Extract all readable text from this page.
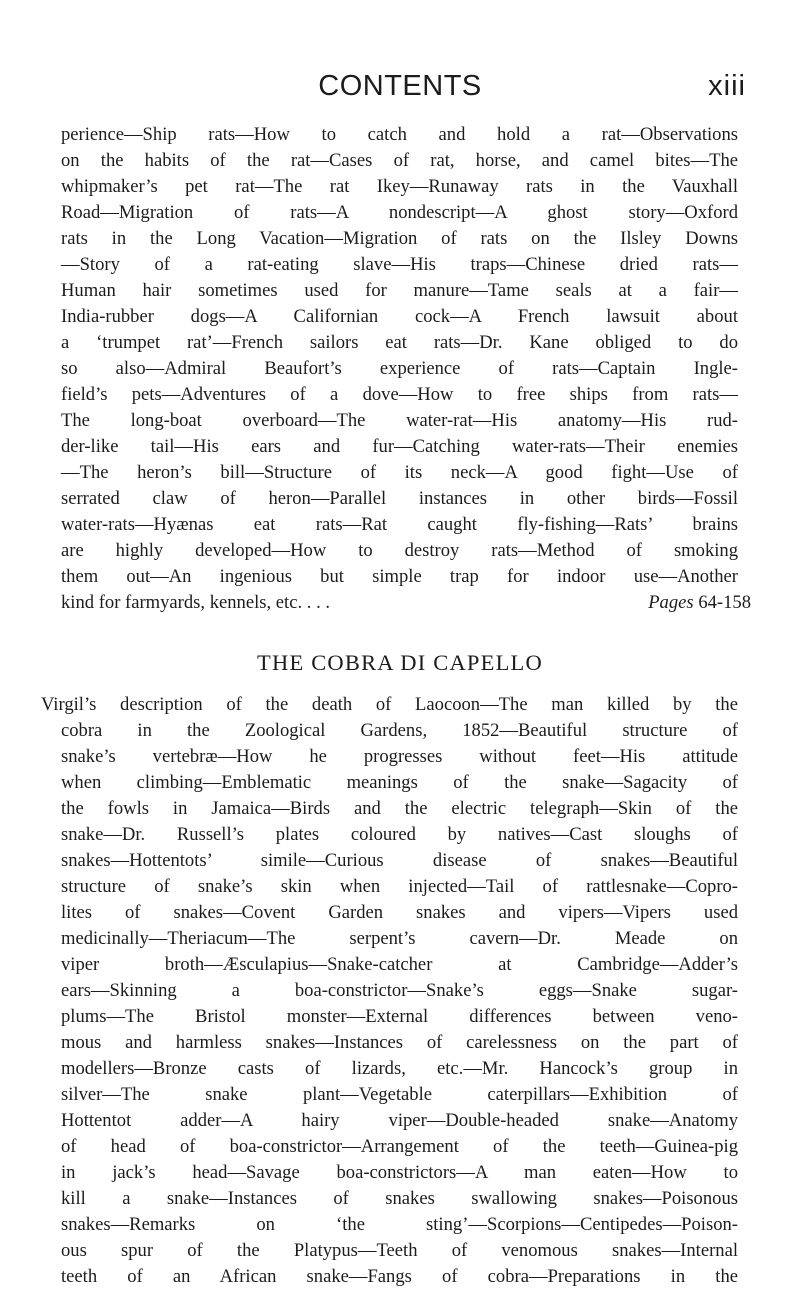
CONTENTS	xiii
perience—Ship rats—How to catch and hold a rat—Observations
on the habits of the rat—Cases of rat, horse, and camel bites—The
whipmaker’s pet rat—The rat Ikey—Runaway rats in the Vauxhall
Road—Migration of rats—A nondescript—A ghost story—Oxford
rats in the Long Vacation—Migration of rats on the Ilsley Downs
—Story of a rat-eating slave—His traps—Chinese dried rats—
Human hair sometimes used for manure—Tame seals at a fair—
India-rubber dogs—A Californian cock—A French lawsuit about
a ‘trumpet rat’—French sailors eat rats—Dr. Kane obliged to do
so also—Admiral Beaufort’s experience of rats—Captain Ingle-
field’s pets—Adventures of a dove—How to free ships from rats—
The long-boat overboard—The water-rat—His anatomy—His rud-
der-like tail—His ears and fur—Catching water-rats—Their enemies
—The heron’s bill—Structure of its neck—A good fight—Use of
serrated claw of heron—Parallel instances in other birds—Fossil
water-rats—Hyænas eat rats—Rat caught fly-fishing—Rats’ brains
are highly developed—How to destroy rats—Method of smoking
them out—An ingenious but simple trap for indoor use—Another
kind for farmyards, kennels, etc. . . .	Pages 64-158
THE COBRA DI CAPELLO
Virgil’s description of the death of Laocoon—The man killed by the
cobra in the Zoological Gardens, 1852—Beautiful structure of
snake’s vertebræ—How he progresses without feet—His attitude
when climbing—Emblematic meanings of the snake—Sagacity of
the fowls in Jamaica—Birds and the electric telegraph—Skin of the
snake—Dr. Russell’s plates coloured by natives—Cast sloughs of
snakes—Hottentots’ simile—Curious disease of snakes—Beautiful
structure of snake’s skin when injected—Tail of rattlesnake—Copro-
lites of snakes—Covent Garden snakes and vipers—Vipers used
medicinally—Theriacum—The serpent’s cavern—Dr. Meade on
viper broth—Æsculapius—Snake-catcher at Cambridge—Adder’s
ears—Skinning a boa-constrictor—Snake’s eggs—Snake sugar-
plums—The Bristol monster—External differences between veno-
mous and harmless snakes—Instances of carelessness on the part of
modellers—Bronze casts of lizards, etc.—Mr. Hancock’s group in
silver—The snake plant—Vegetable caterpillars—Exhibition of
Hottentot adder—A hairy viper—Double-headed snake—Anatomy
of head of boa-constrictor—Arrangement of the teeth—Guinea-pig
in jack’s head—Savage boa-constrictors—A man eaten—How to
kill a snake—Instances of snakes swallowing snakes—Poisonous
snakes—Remarks on ‘the sting’—Scorpions—Centipedes—Poison-
ous spur of the Platypus—Teeth of venomous snakes—Internal
teeth of an African snake—Fangs of cobra—Preparations in the
